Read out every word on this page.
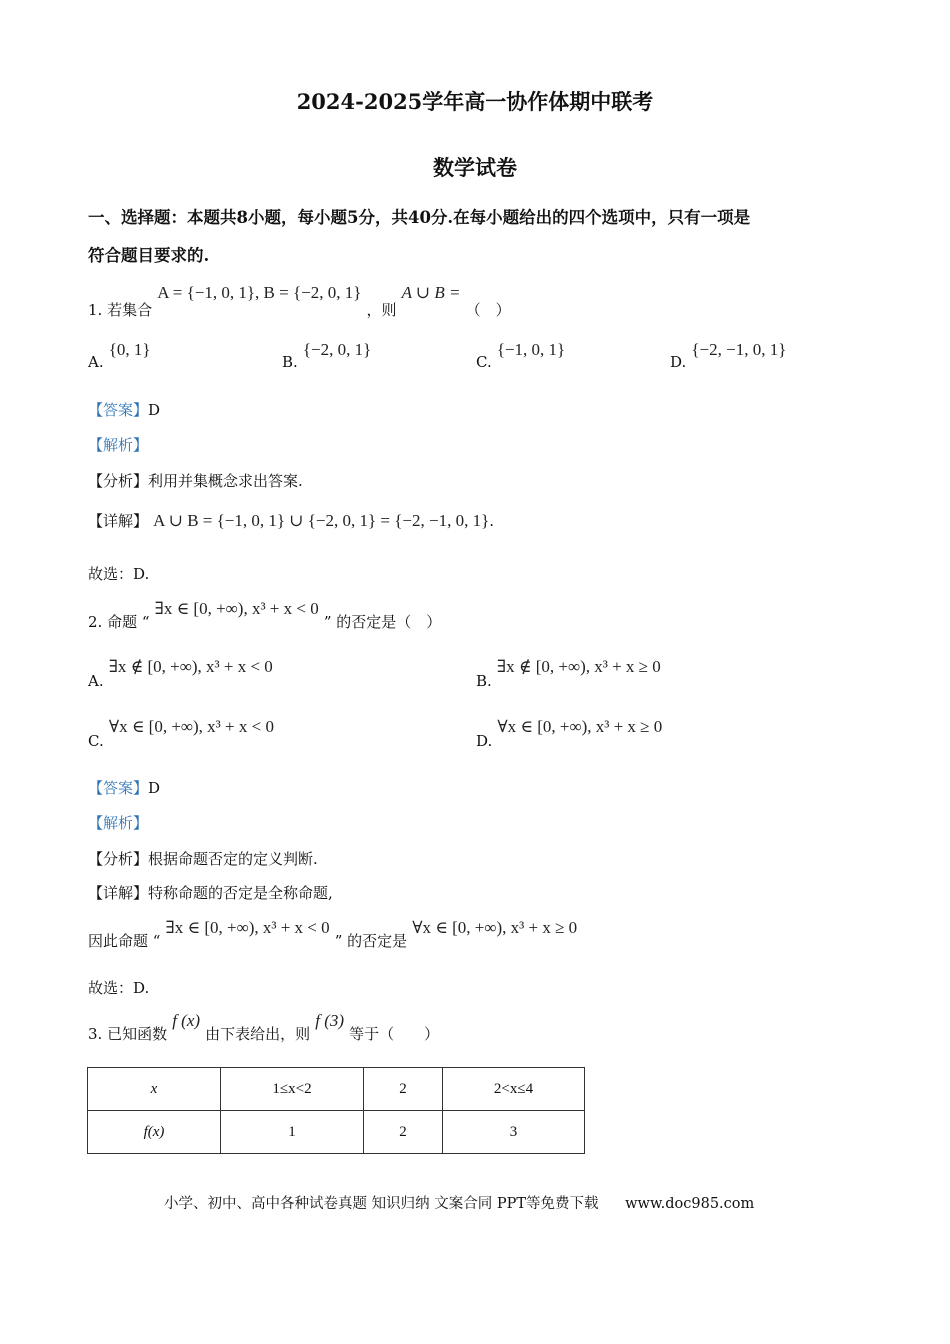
2024-2025学年高一协作体期中联考
数学试卷
一、选择题：本题共8小题，每小题5分，共40分.在每小题给出的四个选项中，只有一项是
符合题目要求的.
1. 若集合 A = {−1, 0, 1}, B = {−2, 0, 1} ，则 A ∪ B = （　）
A. {0, 1}
B. {−2, 0, 1}
C. {−1, 0, 1}
D. {−2, −1, 0, 1}
【答案】D
【解析】
【分析】利用并集概念求出答案.
【详解】 A ∪ B = {−1, 0, 1} ∪ {−2, 0, 1} = {−2, −1, 0, 1}.
故选：D.
2. 命题 “ ∃x ∈ [0, +∞), x³ + x < 0 ” 的否定是（　）
A. ∃x ∉ [0, +∞), x³ + x < 0
B. ∃x ∉ [0, +∞), x³ + x ≥ 0
C. ∀x ∈ [0, +∞), x³ + x < 0
D. ∀x ∈ [0, +∞), x³ + x ≥ 0
【答案】D
【解析】
【分析】根据命题否定的定义判断.
【详解】特称命题的否定是全称命题,
因此命题 “ ∃x ∈ [0, +∞), x³ + x < 0 ” 的否定是 ∀x ∈ [0, +∞), x³ + x ≥ 0
故选：D.
3. 已知函数 f (x) 由下表给出，则 f (3) 等于（　　）
x	1≤x<2	2	2<x≤4
f(x)	1	2	3
小学、初中、高中各种试卷真题 知识归纳 文案合同 PPT等免费下载 www.doc985.com
